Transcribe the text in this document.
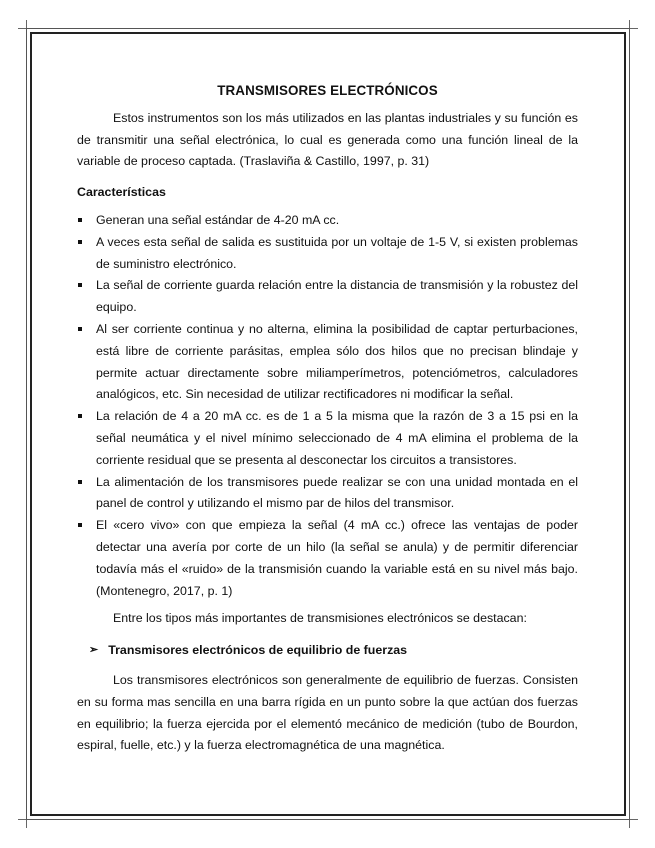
TRANSMISORES ELECTRÓNICOS

Estos instrumentos son los más utilizados en las plantas industriales y su función es de transmitir una señal electrónica, lo cual es generada como una función lineal de la variable de proceso captada. (Traslaviña & Castillo, 1997, p. 31)

Características
Generan una señal estándar de 4-20 mA cc.
A veces esta señal de salida es sustituida por un voltaje de 1-5 V, si existen problemas de suministro electrónico.
La señal de corriente guarda relación entre la distancia de transmisión y la robustez del equipo.
Al ser corriente continua y no alterna, elimina la posibilidad de captar perturbaciones, está libre de corriente parásitas, emplea sólo dos hilos que no precisan blindaje y permite actuar directamente sobre miliamperímetros, potenciómetros, calculadores analógicos, etc. Sin necesidad de utilizar rectificadores ni modificar la señal.
La relación de 4 a 20 mA cc. es de 1 a 5 la misma que la razón de 3 a 15 psi en la señal neumática y el nivel mínimo seleccionado de 4 mA elimina el problema de la corriente residual que se presenta al desconectar los circuitos a transistores.
La alimentación de los transmisores puede realizar se con una unidad montada en el panel de control y utilizando el mismo par de hilos del transmisor.
El «cero vivo» con que empieza la señal (4 mA cc.) ofrece las ventajas de poder detectar una avería por corte de un hilo (la señal se anula) y de permitir diferenciar todavía más el «ruido» de la transmisión cuando la variable está en su nivel más bajo. (Montenegro, 2017, p. 1)

Entre los tipos más importantes de transmisiones electrónicos se destacan:

➢ Transmisores electrónicos de equilibrio de fuerzas

Los transmisores electrónicos son generalmente de equilibrio de fuerzas. Consisten en su forma mas sencilla en una barra rígida en un punto sobre la que actúan dos fuerzas en equilibrio; la fuerza ejercida por el elementó mecánico de medición (tubo de Bourdon, espiral, fuelle, etc.) y la fuerza electromagnética de una magnética.
